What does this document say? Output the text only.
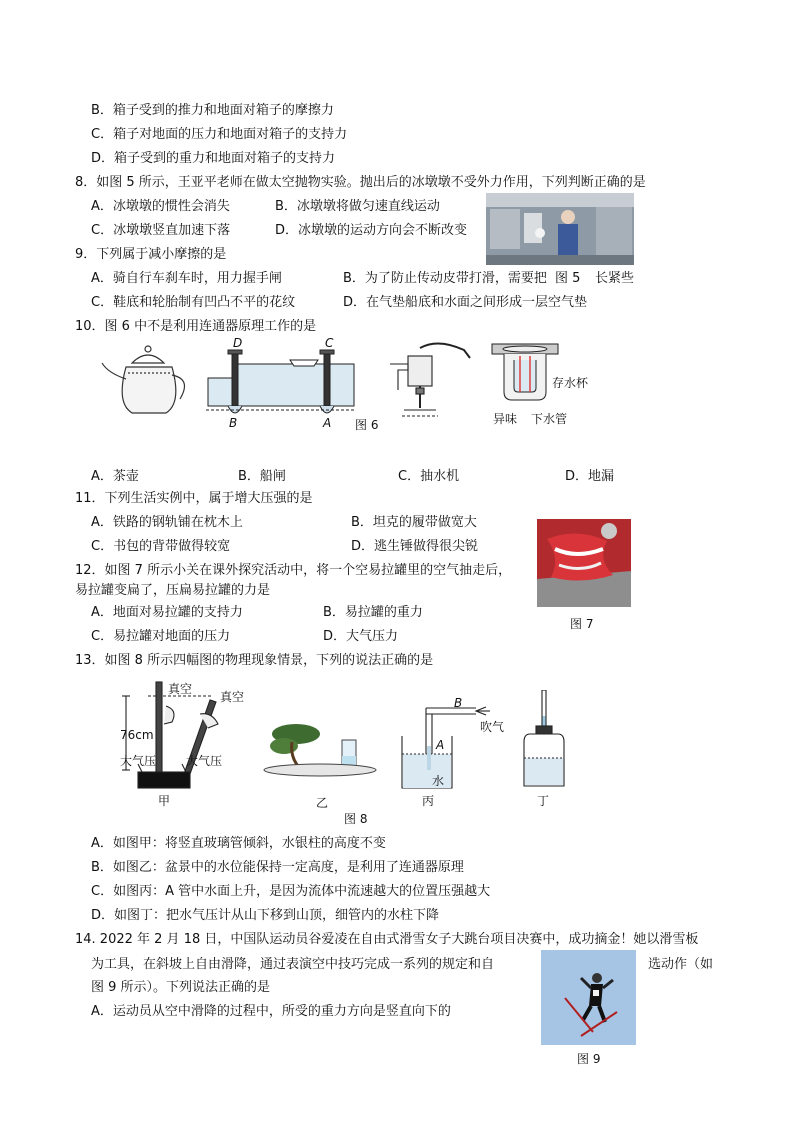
B．箱子受到的推力和地面对箱子的摩擦力
C．箱子对地面的压力和地面对箱子的支持力
D．箱子受到的重力和地面对箱子的支持力
8．如图 5 所示，王亚平老师在做太空抛物实验。抛出后的冰墩墩不受外力作用，下列判断正确的是
A．冰墩墩的惯性会消失	B．冰墩墩将做匀速直线运动
C．冰墩墩竖直加速下落	D．冰墩墩的运动方向会不断改变
9．下列属于减小摩擦的是
A．骑自行车刹车时，用力握手闸	B．为了防止传动皮带打滑，需要把 图 5 长紧些
C．鞋底和轮胎制有凹凸不平的花纹	D．在气垫船底和水面之间形成一层空气垫
10．图 6 中不是利用连通器原理工作的是
D	C
B	A 图 6
存水杯
异味 下水管
A．茶壶	B．船闸	C．抽水机	D．地漏
11．下列生活实例中，属于增大压强的是
A．铁路的钢轨铺在枕木上	B．坦克的履带做宽大
C．书包的背带做得较宽	D．逃生锤做得很尖锐
12．如图 7 所示小关在课外探究活动中，将一个空易拉罐里的空气抽走后，
易拉罐变扁了，压扁易拉罐的力是
A．地面对易拉罐的支持力	B．易拉罐的重力
C．易拉罐对地面的压力	D．大气压力
图 7
13．如图 8 所示四幅图的物理现象情景，下列的说法正确的是
真空
真空
76cm
大气压 大气压
甲	乙
B
吹气
A
水
丙	丁
图 8
A．如图甲：将竖直玻璃管倾斜，水银柱的高度不变
B．如图乙：盆景中的水位能保持一定高度，是利用了连通器原理
C．如图丙：A 管中水面上升，是因为流体中流速越大的位置压强越大
D．如图丁：把水气压计从山下移到山顶，细管内的水柱下降
14. 2022 年 2 月 18 日，中国队运动员谷爱凌在自由式滑雪女子大跳台项目决赛中，成功摘金！她以滑雪板
为工具，在斜坡上自由滑降，通过表演空中技巧完成一系列的规定和自	选动作（如
图 9 所示）。下列说法正确的是
A．运动员从空中滑降的过程中，所受的重力方向是竖直向下的
图 9
